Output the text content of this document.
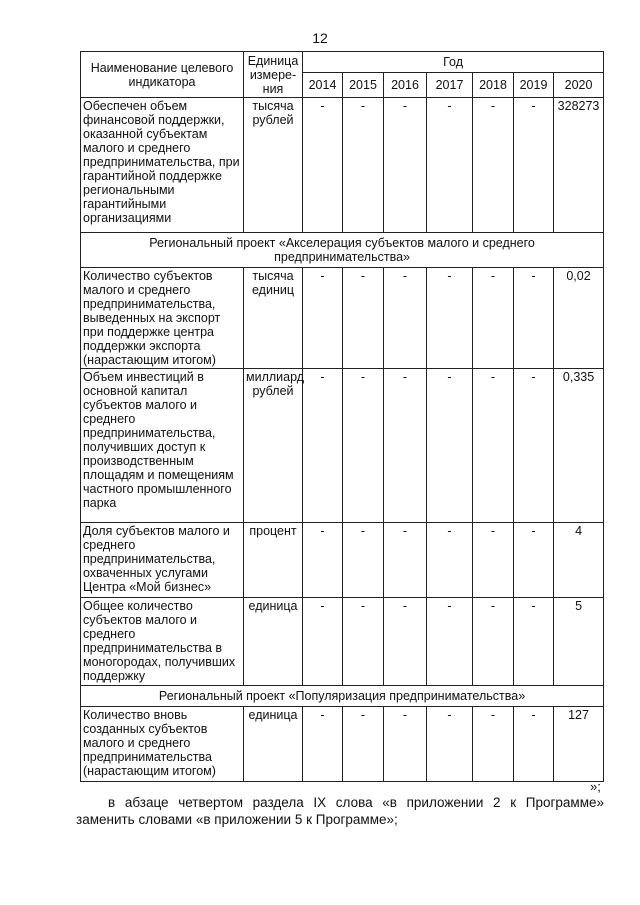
12
Наименование целевого индикатора	Единица измере-ния	Год						
		2014	2015	2016	2017	2018	2019	2020
Обеспечен объем финансовой поддержки, оказанной субъектам малого и среднего предпринимательства, при гарантийной поддержке региональными гарантийными организациями	тысяча рублей	-	-	-	-	-	-	328273
Региональный проект «Акселерация субъектов малого и среднего предпринимательства»								
Количество субъектов малого и среднего предпринимательства, выведенных на экспорт при поддержке центра поддержки экспорта (нарастающим итогом)	тысяча единиц	-	-	-	-	-	-	0,02
Объем инвестиций в основной капитал субъектов малого и среднего предпринимательства, получивших доступ к производственным площадям и помещениям частного промышленного парка	миллиард рублей	-	-	-	-	-	-	0,335
Доля субъектов малого и среднего предпринимательства, охваченных услугами Центра «Мой бизнес»	процент	-	-	-	-	-	-	4
Общее количество субъектов малого и среднего предпринимательства в моногородах, получивших поддержку	единица	-	-	-	-	-	-	5
Региональный проект «Популяризация предпринимательства»								
Количество вновь созданных субъектов малого и среднего предпринимательства (нарастающим итогом)	единица	-	-	-	-	-	-	127
»;
в абзаце четвертом раздела IX слова «в приложении 2 к Программе» заменить словами «в приложении 5 к Программе»;
